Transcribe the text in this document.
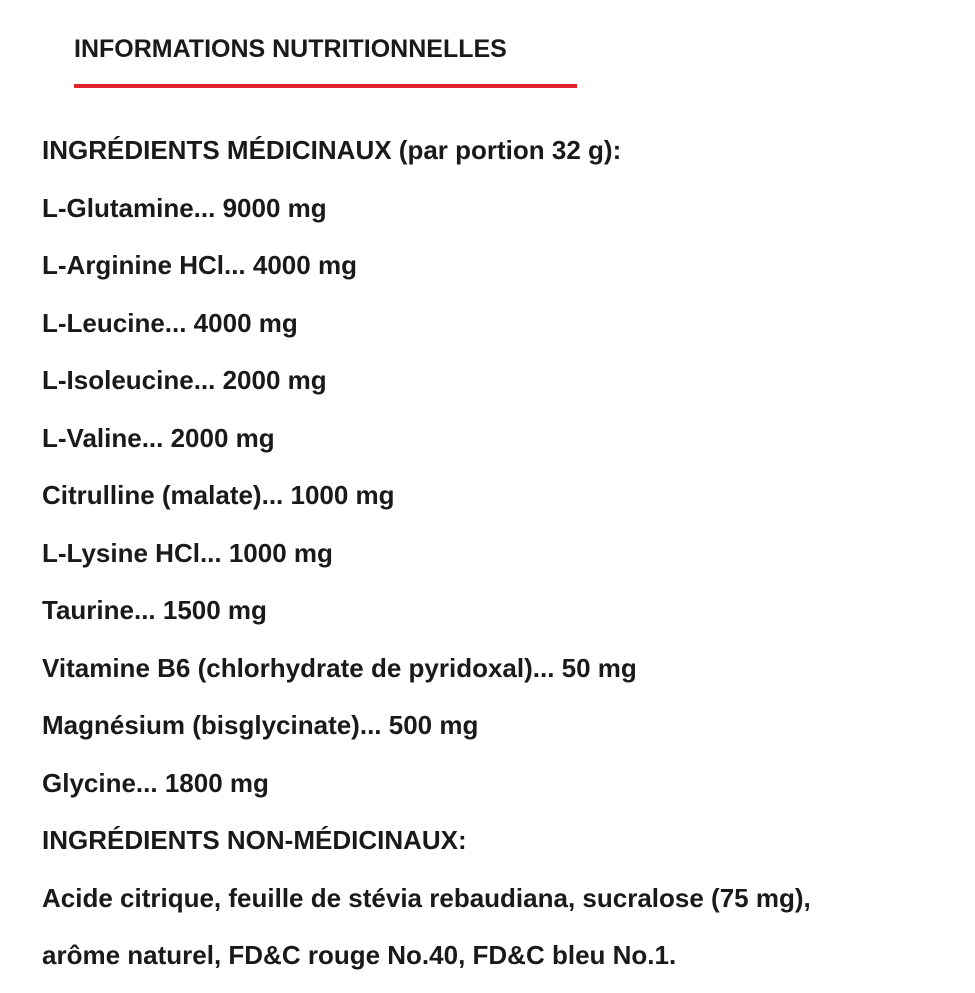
INFORMATIONS NUTRITIONNELLES
INGRÉDIENTS MÉDICINAUX (par portion 32 g):
L-Glutamine... 9000 mg
L-Arginine HCl... 4000 mg
L-Leucine... 4000 mg
L-Isoleucine... 2000 mg
L-Valine... 2000 mg
Citrulline (malate)... 1000 mg
L-Lysine HCl... 1000 mg
Taurine... 1500 mg
Vitamine B6 (chlorhydrate de pyridoxal)... 50 mg
Magnésium (bisglycinate)... 500 mg
Glycine... 1800 mg
INGRÉDIENTS NON-MÉDICINAUX:
Acide citrique, feuille de stévia rebaudiana, sucralose (75 mg),
arôme naturel, FD&C rouge No.40, FD&C bleu No.1.
